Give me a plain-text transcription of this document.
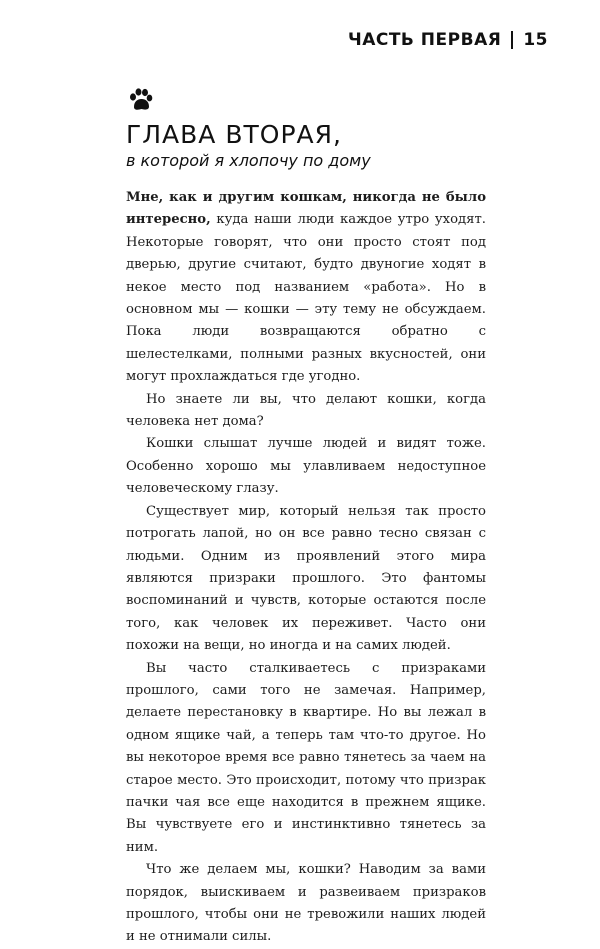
ЧАСТЬ ПЕРВАЯ 15
ГЛАВА ВТОРАЯ,
в которой я хлопочу по дому

Мне, как и другим кошкам, никогда не было интересно, куда наши люди каждое утро уходят. Некоторые говорят, что они просто стоят под дверью, другие считают, будто двуногие ходят в некое место под названием «работа». Но в основном мы — кошки — эту тему не обсуждаем. Пока люди возвращаются обратно с шелестелками, полными разных вкусностей, они могут прохлаждаться где угодно.

Но знаете ли вы, что делают кошки, когда человека нет дома?

Кошки слышат лучше людей и видят тоже. Особенно хорошо мы улавливаем недоступное человеческому глазу.

Существует мир, который нельзя так просто потрогать лапой, но он все равно тесно связан с людьми. Одним из проявлений этого мира являются призраки прошлого. Это фантомы воспоминаний и чувств, которые остаются после того, как человек их переживет. Часто они похожи на вещи, но иногда и на самих людей.

Вы часто сталкиваетесь с призраками прошлого, сами того не замечая. Например, делаете перестановку в квартире. Но вы лежал в одном ящике чай, а теперь там что-то другое. Но вы некоторое время все равно тянетесь за чаем на старое место. Это происходит, потому что призрак пачки чая все еще находится в прежнем ящике. Вы чувствуете его и инстинктивно тянетесь за ним.

Что же делаем мы, кошки? Наводим за вами порядок, выискиваем и развеиваем призраков прошлого, чтобы они не тревожили наших людей и не отнимали силы.
